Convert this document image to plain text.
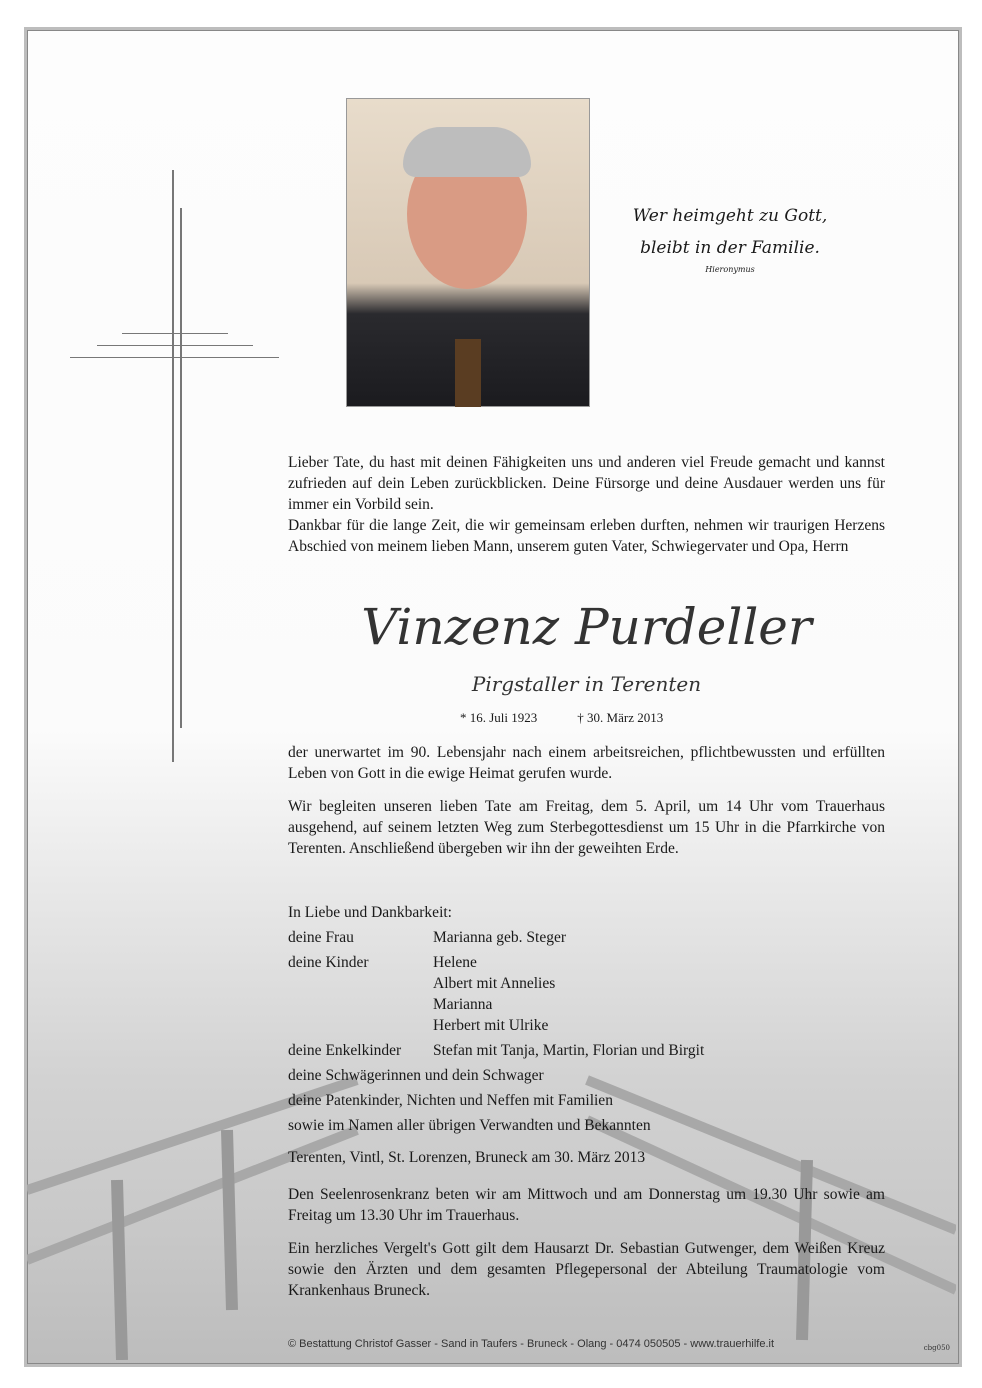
Wer heimgeht zu Gott,
bleibt in der Familie.
Hieronymus
Lieber Tate, du hast mit deinen Fähigkeiten uns und anderen viel Freude gemacht und kannst zufrieden auf dein Leben zurückblicken. Deine Fürsorge und deine Ausdauer werden uns für immer ein Vorbild sein.
Dankbar für die lange Zeit, die wir gemeinsam erleben durften, nehmen wir traurigen Herzens Abschied von meinem lieben Mann, unserem guten Vater, Schwiegervater und Opa, Herrn
Vinzenz Purdeller
Pirgstaller in Terenten
* 16. Juli 1923	† 30. März 2013
der unerwartet im 90. Lebensjahr nach einem arbeitsreichen, pflichtbewussten und erfüllten Leben von Gott in die ewige Heimat gerufen wurde.
Wir begleiten unseren lieben Tate am Freitag, dem 5. April, um 14 Uhr vom Trauerhaus ausgehend, auf seinem letzten Weg zum Sterbegottesdienst um 15 Uhr in die Pfarrkirche von Terenten. Anschließend übergeben wir ihn der geweihten Erde.
In Liebe und Dankbarkeit:
deine Frau	Marianna geb. Steger
deine Kinder	Helene
Albert mit Annelies
Marianna
Herbert mit Ulrike
deine Enkelkinder	Stefan mit Tanja, Martin, Florian und Birgit
deine Schwägerinnen und dein Schwager
deine Patenkinder, Nichten und Neffen mit Familien
sowie im Namen aller übrigen Verwandten und Bekannten
Terenten, Vintl, St. Lorenzen, Bruneck am 30. März 2013
Den Seelenrosenkranz beten wir am Mittwoch und am Donnerstag um 19.30 Uhr sowie am Freitag um 13.30 Uhr im Trauerhaus.
Ein herzliches Vergelt's Gott gilt dem Hausarzt Dr. Sebastian Gutwenger, dem Weißen Kreuz sowie den Ärzten und dem gesamten Pflegepersonal der Abteilung Traumatologie vom Krankenhaus Bruneck.
© Bestattung Christof Gasser - Sand in Taufers - Bruneck - Olang - 0474 050505 - www.trauerhilfe.it	cbg050
